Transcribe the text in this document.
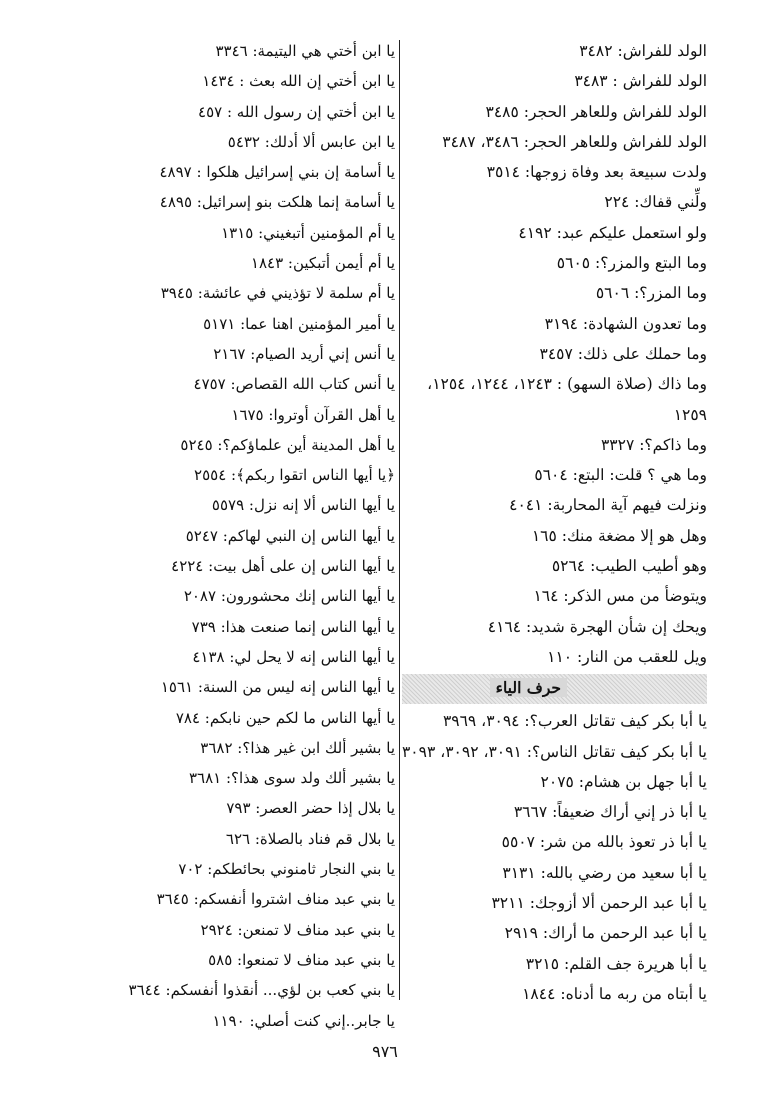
الولد للفراش: ٣٤٨٢
الولد للفراش : ٣٤٨٣
الولد للفراش وللعاهر الحجر: ٣٤٨٥
الولد للفراش وللعاهر الحجر: ٣٤٨٦، ٣٤٨٧
ولدت سبيعة بعد وفاة زوجها: ٣٥١٤
ولِّني قفاك: ٢٢٤
ولو استعمل عليكم عبد: ٤١٩٢
وما البتع والمزر؟: ٥٦٠٥
وما المزر؟: ٥٦٠٦
وما تعدون الشهادة: ٣١٩٤
وما حملك على ذلك: ٣٤٥٧
وما ذاك (صلاة السهو) : ١٢٤٣، ١٢٤٤، ١٢٥٤، ١٢٥٩
وما ذاكم؟: ٣٣٢٧
وما هي ؟ قلت: البتع: ٥٦٠٤
ونزلت فيهم آية المحاربة: ٤٠٤١
وهل هو إلا مضغة منك: ١٦٥
وهو أطيب الطيب: ٥٢٦٤
ويتوضأ من مس الذكر: ١٦٤
ويحك إن شأن الهجرة شديد: ٤١٦٤
ويل للعقب من النار: ١١٠
حرف الياء
يا أبا بكر كيف تقاتل العرب؟: ٣٠٩٤، ٣٩٦٩
يا أبا بكر كيف تقاتل الناس؟: ٣٠٩١، ٣٠٩٢، ٣٠٩٣
يا أبا جهل بن هشام: ٢٠٧٥
يا أبا ذر إني أراك ضعيفاً: ٣٦٦٧
يا أبا ذر تعوذ بالله من شر: ٥٥٠٧
يا أبا سعيد من رضي بالله: ٣١٣١
يا أبا عبد الرحمن ألا أزوجك: ٣٢١١
يا أبا عبد الرحمن ما أراك: ٢٩١٩
يا أبا هريرة جف القلم: ٣٢١٥
يا أبتاه من ربه ما أدناه: ١٨٤٤
يا ابن أختي هي اليتيمة: ٣٣٤٦
يا ابن أختي إن الله بعث : ١٤٣٤
يا ابن أختي إن رسول الله : ٤٥٧
يا ابن عابس ألا أدلك: ٥٤٣٢
يا أسامة إن بني إسرائيل هلكوا : ٤٨٩٧
يا أسامة إنما هلكت بنو إسرائيل: ٤٨٩٥
يا أم المؤمنين أتبغيني: ١٣١٥
يا أم أيمن أتبكين: ١٨٤٣
يا أم سلمة لا تؤذيني في عائشة: ٣٩٤٥
يا أمير المؤمنين اهنا عما: ٥١٧١
يا أنس إني أريد الصيام: ٢١٦٧
يا أنس كتاب الله القصاص: ٤٧٥٧
يا أهل القرآن أوتروا: ١٦٧٥
يا أهل المدينة أين علماؤكم؟: ٥٢٤٥
﴿يا أيها الناس اتقوا ربكم﴾: ٢٥٥٤
يا أيها الناس ألا إنه نزل: ٥٥٧٩
يا أيها الناس إن النبي لهاكم: ٥٢٤٧
يا أيها الناس إن على أهل بيت: ٤٢٢٤
يا أيها الناس إنك محشورون: ٢٠٨٧
يا أيها الناس إنما صنعت هذا: ٧٣٩
يا أيها الناس إنه لا يحل لي: ٤١٣٨
يا أيها الناس إنه ليس من السنة: ١٥٦١
يا أيها الناس ما لكم حين نابكم: ٧٨٤
يا بشير ألك ابن غير هذا؟: ٣٦٨٢
يا بشير ألك ولد سوى هذا؟: ٣٦٨١
يا بلال إذا حضر العصر: ٧٩٣
يا بلال قم فناد بالصلاة: ٦٢٦
يا بني النجار ثامنوني بحائطكم: ٧٠٢
يا بني عبد مناف اشتروا أنفسكم: ٣٦٤٥
يا بني عبد مناف لا تمنعن: ٢٩٢٤
يا بني عبد مناف لا تمنعوا: ٥٨٥
يا بني كعب بن لؤي... أنقذوا أنفسكم: ٣٦٤٤
يا جابر..إني كنت أصلي: ١١٩٠
٩٧٦
